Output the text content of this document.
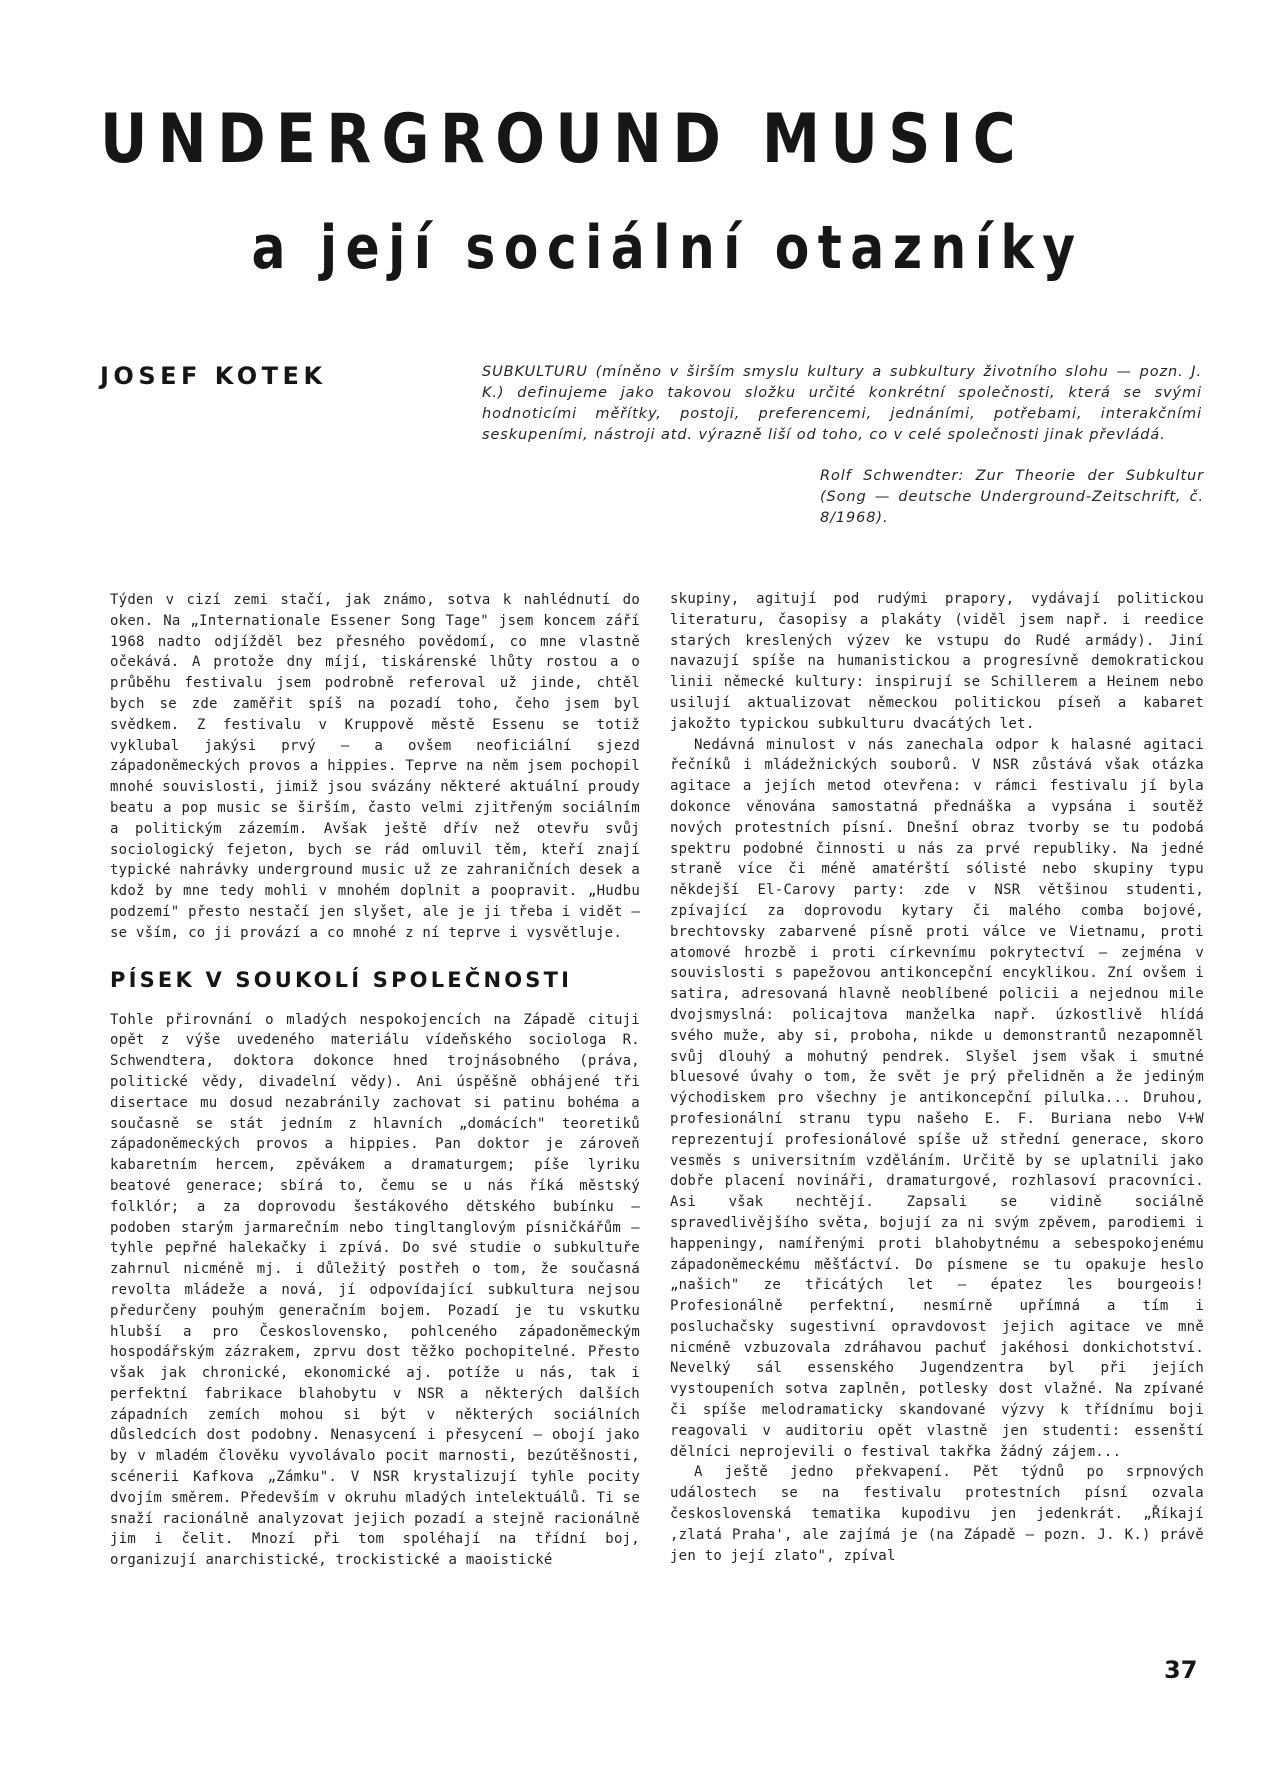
UNDERGROUND MUSIC
a její sociální otazníky
JOSEF KOTEK	SUBKULTURU (míněno v širším smyslu kultury a subkultury životního slohu — pozn. J. K.) definujeme jako takovou složku určité konkrétní společnosti, která se svými hodnoticími měřítky, postoji, preferencemi, jednáními, potřebami, interakčními seskupeními, nástroji atd. výrazně liší od toho, co v celé společnosti jinak převládá.
Rolf Schwendter: Zur Theorie der Subkultur (Song — deutsche Underground-Zeitschrift, č. 8/1968).

Týden v cizí zemi stačí, jak známo, sotva k nahlédnutí do oken. Na „Internationale Essener Song Tage" jsem koncem září 1968 nadto odjížděl bez přesného povědomí, co mne vlastně očekává. A protože dny míjí, tiskárenské lhůty rostou a o průběhu festivalu jsem podrobně referoval už jinde, chtěl bych se zde zaměřit spíš na pozadí toho, čeho jsem byl svědkem. Z festivalu v Kruppově městě Essenu se totiž vyklubal jakýsi prvý — a ovšem neoficiální sjezd západoněmeckých provos a hippies. Teprve na něm jsem pochopil mnohé souvislosti, jimiž jsou svázány některé aktuální proudy beatu a pop music se širším, často velmi zjitřeným sociálním a politickým zázemím. Avšak ještě dřív než otevřu svůj sociologický fejeton, bych se rád omluvil těm, kteří znají typické nahrávky underground music už ze zahraničních desek a kdož by mne tedy mohli v mnohém doplnit a poopravit. „Hudbu podzemí" přesto nestačí jen slyšet, ale je ji třeba i vidět — se vším, co ji provází a co mnohé z ní teprve i vysvětluje.

PÍSEK V SOUKOLÍ SPOLEČNOSTI

Tohle přirovnání o mladých nespokojencích na Západě cituji opět z výše uvedeného materiálu vídeňského sociologa R. Schwendtera, doktora dokonce hned trojnásobného (práva, politické vědy, divadelní vědy). Ani úspěšně obhájené tři disertace mu dosud nezabránily zachovat si patinu bohéma a současně se stát jedním z hlavních „domácích" teoretiků západoněmeckých provos a hippies. Pan doktor je zároveň kabaretním hercem, zpěvákem a dramaturgem; píše lyriku beatové generace; sbírá to, čemu se u nás říká městský folklór; a za doprovodu šestákového dětského bubínku — podoben starým jarmarečním nebo tingltanglovým písničkářům — tyhle pepřné halekačky i zpívá. Do své studie o subkultuře zahrnul nicméně mj. i důležitý postřeh o tom, že současná revolta mládeže a nová, jí odpovídající subkultura nejsou předurčeny pouhým generačním bojem. Pozadí je tu vskutku hlubší a pro Československo, pohlceného západoněmeckým hospodářským zázrakem, zprvu dost těžko pochopitelné. Přesto však jak chronické, ekonomické aj. potíže u nás, tak i perfektní fabrikace blahobytu v NSR a některých dalších západních zemích mohou si být v některých sociálních důsledcích dost podobny. Nenasycení i přesycení — obojí jako by v mladém člověku vyvolávalo pocit marnosti, bezútěšnosti, scénerii Kafkova „Zámku". V NSR krystalizují tyhle pocity dvojím směrem. Především v okruhu mladých intelektuálů. Ti se snaží racionálně analyzovat jejich pozadí a stejně racionálně jim i čelit. Mnozí při tom spoléhají na třídní boj, organizují anarchistické, trockistické a maoistické

skupiny, agitují pod rudými prapory, vydávají politickou literaturu, časopisy a plakáty (viděl jsem např. i reedice starých kreslených výzev ke vstupu do Rudé armády). Jiní navazují spíše na humanistickou a progresívně demokratickou linii německé kultury: inspirují se Schillerem a Heinem nebo usilují aktualizovat německou politickou píseň a kabaret jakožto typickou subkulturu dvacátých let.

Nedávná minulost v nás zanechala odpor k halasné agitaci řečníků i mládežnických souborů. V NSR zůstává však otázka agitace a jejích metod otevřena: v rámci festivalu jí byla dokonce věnována samostatná přednáška a vypsána i soutěž nových protestních písní. Dnešní obraz tvorby se tu podobá spektru podobné činnosti u nás za prvé republiky. Na jedné straně více či méně amatérští sólisté nebo skupiny typu někdejší El-Carovy party: zde v NSR většinou studenti, zpívající za doprovodu kytary či malého comba bojové, brechtovsky zabarvené písně proti válce ve Vietnamu, proti atomové hrozbě i proti církevnímu pokrytectví — zejména v souvislosti s papežovou antikoncepční encyklikou. Zní ovšem i satira, adresovaná hlavně neoblíbené policii a nejednou mile dvojsmyslná: policajtova manželka např. úzkostlivě hlídá svého muže, aby si, proboha, nikde u demonstrantů nezapomněl svůj dlouhý a mohutný pendrek. Slyšel jsem však i smutné bluesové úvahy o tom, že svět je prý přelidněn a že jediným východiskem pro všechny je antikoncepční pilulka... Druhou, profesionální stranu typu našeho E. F. Buriana nebo V+W reprezentují profesionálové spíše už střední generace, skoro vesměs s universitním vzděláním. Určitě by se uplatnili jako dobře placení novináři, dramaturgové, rozhlasoví pracovníci. Asi však nechtějí. Zapsali se vidině sociálně spravedlivějšího světa, bojují za ni svým zpěvem, parodiemi i happeningy, namířenými proti blahobytnému a sebespokojenému západoněmeckému měšťáctví. Do písmene se tu opakuje heslo „našich" ze třicátých let — épatez les bourgeois! Profesionálně perfektní, nesmírně upřímná a tím i posluchačsky sugestivní opravdovost jejich agitace ve mně nicméně vzbuzovala zdráhavou pachuť jakéhosi donkichotství. Nevelký sál essenského Jugendzentra byl při jejích vystoupeních sotva zaplněn, potlesky dost vlažné. Na zpívané či spíše melodramaticky skandované výzvy k třídnímu boji reagovali v auditoriu opět vlastně jen studenti: essenští dělníci neprojevili o festival takřka žádný zájem...

A ještě jedno překvapení. Pět týdnů po srpnových událostech se na festivalu protestních písní ozvala československá tematika kupodivu jen jedenkrát. „Říkají ‚zlatá Praha', ale zajímá je (na Západě — pozn. J. K.) právě jen to její zlato", zpíval

37
